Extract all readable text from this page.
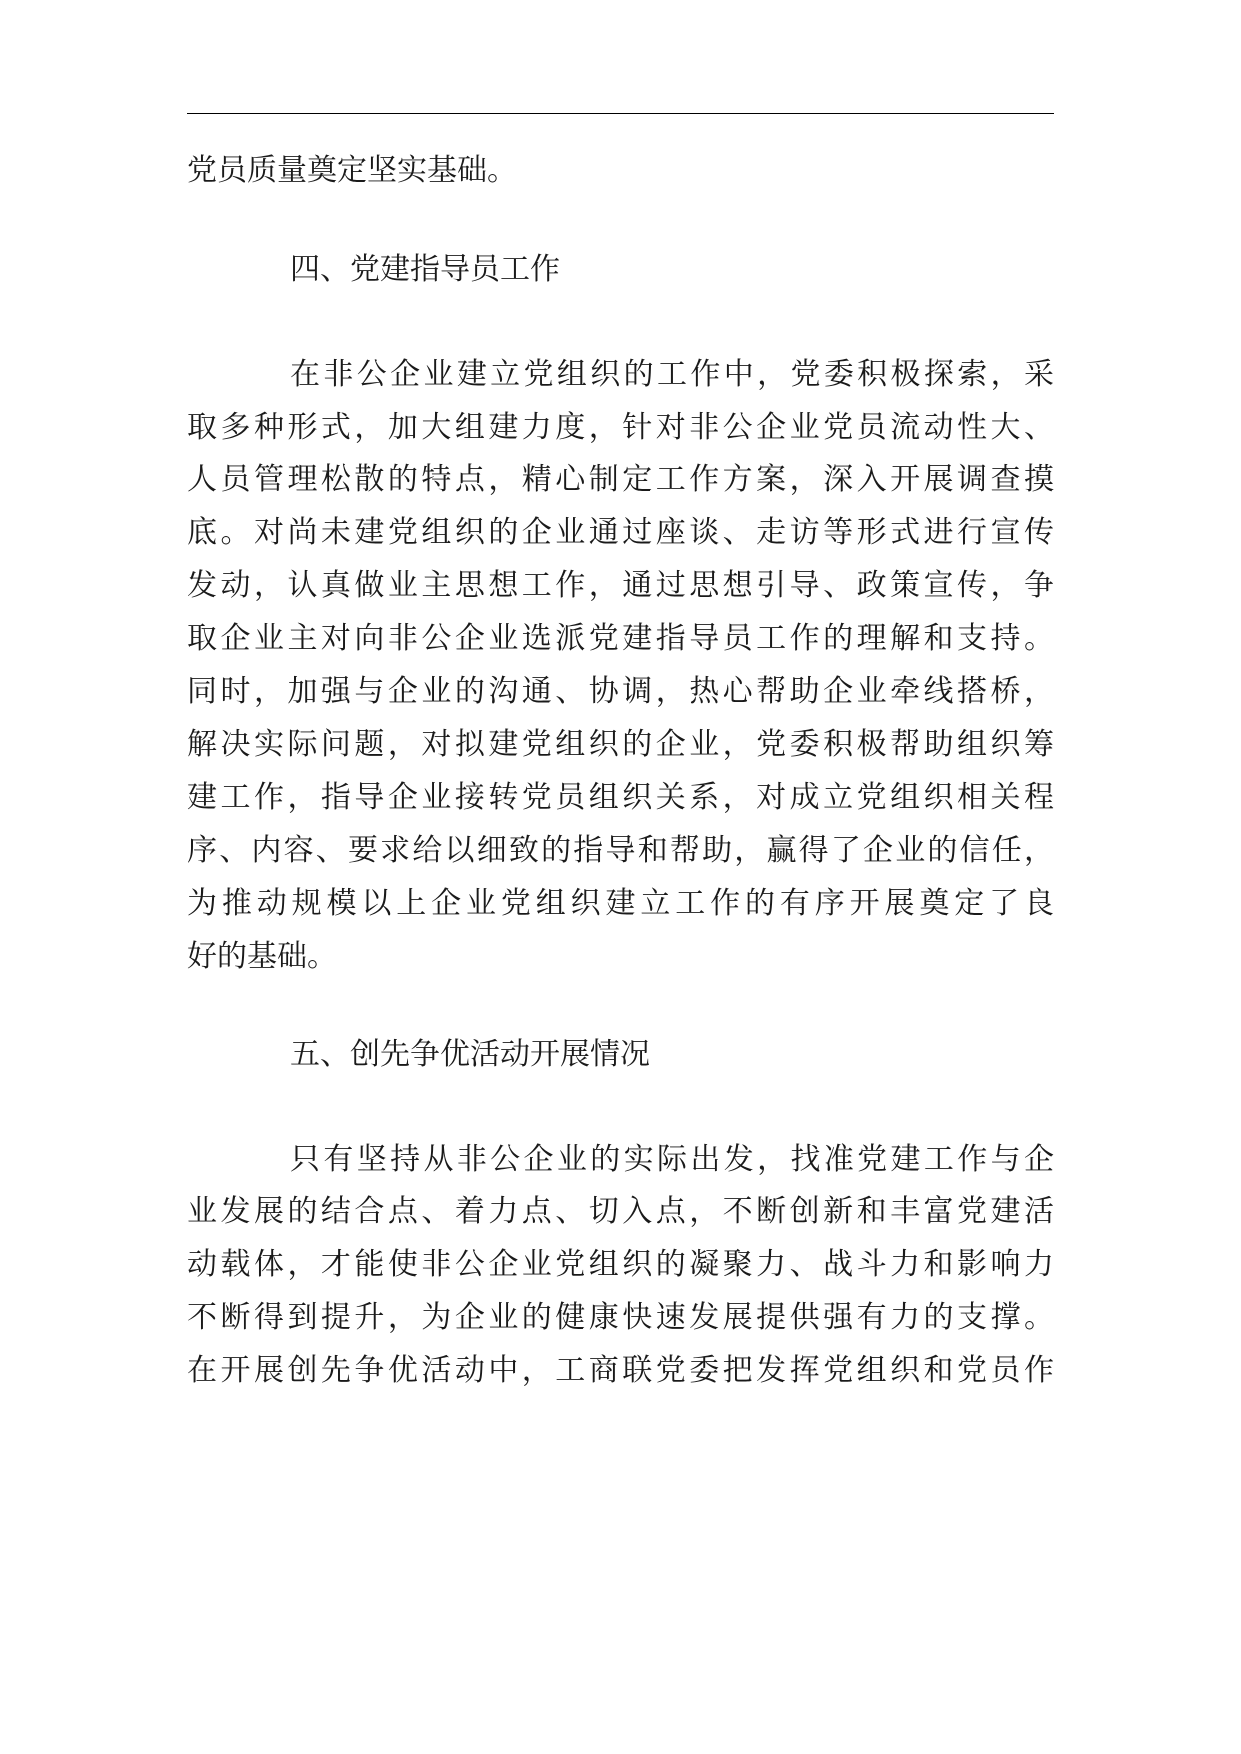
党员质量奠定坚实基础。
四、党建指导员工作
在非公企业建立党组织的工作中，党委积极探索，采
取多种形式，加大组建力度，针对非公企业党员流动性大、
人员管理松散的特点，精心制定工作方案，深入开展调查摸
底。对尚未建党组织的企业通过座谈、走访等形式进行宣传
发动，认真做业主思想工作，通过思想引导、政策宣传，争
取企业主对向非公企业选派党建指导员工作的理解和支持。
同时，加强与企业的沟通、协调，热心帮助企业牵线搭桥，
解决实际问题，对拟建党组织的企业，党委积极帮助组织筹
建工作，指导企业接转党员组织关系，对成立党组织相关程
序、内容、要求给以细致的指导和帮助，赢得了企业的信任，
为推动规模以上企业党组织建立工作的有序开展奠定了良
好的基础。
五、创先争优活动开展情况
只有坚持从非公企业的实际出发，找准党建工作与企
业发展的结合点、着力点、切入点，不断创新和丰富党建活
动载体，才能使非公企业党组织的凝聚力、战斗力和影响力
不断得到提升，为企业的健康快速发展提供强有力的支撑。
在开展创先争优活动中，工商联党委把发挥党组织和党员作
